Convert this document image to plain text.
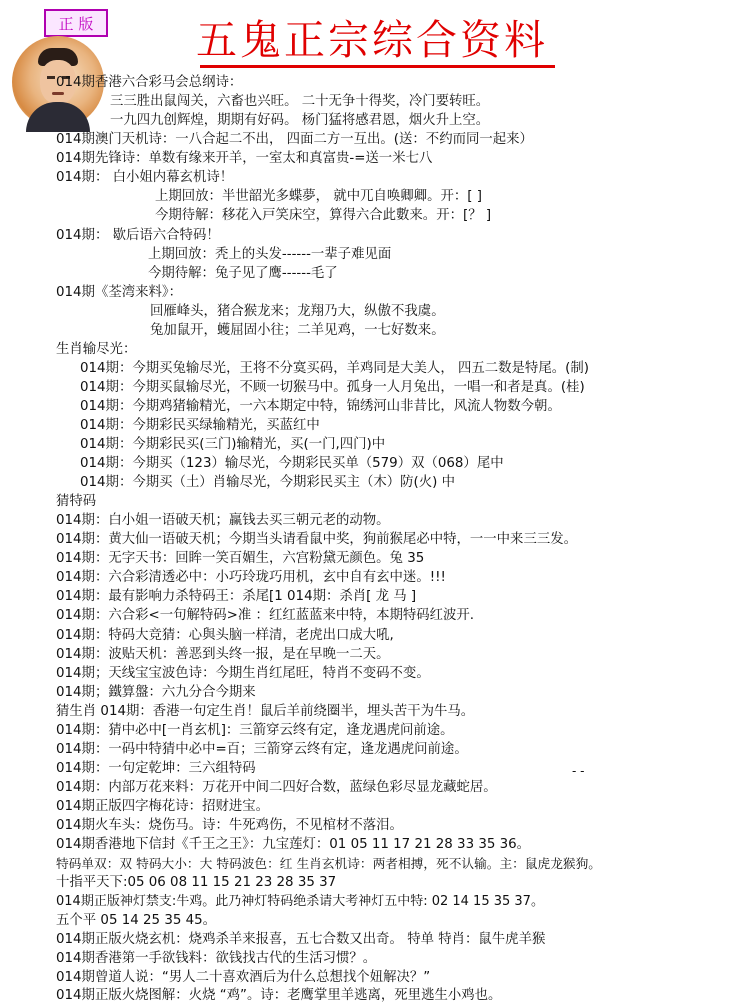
正 版	五鬼正宗综合资料
- -
014期香港六合彩马会总纲诗：
三三胜出鼠闯关，六畜也兴旺。 二十无争十得奖，冷门要转旺。
一九四九创辉煌，期期有好码。 杨门猛将感君恩，烟火升上空。
014期澳门天机诗：一八合起二不出， 四面二方一互出。(送：不约而同一起来）
014期先锋诗：单数有缘来开羊，一室太和真富贵-=送一米七八
014期： 白小姐内幕玄机诗！
上期回放：半世韶光多蝶夢， 就中兀自唤卿卿。开：[ ]
今期待解：移花入戸笑床空，算得六合此數来。开：[？ ]
014期： 歇后语六合特码！
上期回放：秃上的头发------一辈子难见面
今期待解：兔子见了鹰------毛了
014期《荃湾来料》：
回雁峰头，猪合猴龙来；龙翔乃大，纵傲不我虞。
兔加鼠开，蠖屈固小往；二羊见鸡，一七好数来。
生肖输尽光：
014期：今期买兔输尽光，王将不分寞买码，羊鸡同是大美人， 四五二数是特尾。(制)
014期：今期买鼠输尽光，不顾一切猴马中。孤身一人月兔出，一唱一和者是真。(桂)
014期：今期鸡猪输精光，一六本期定中特，锦绣河山非昔比，风流人物数今朝。
014期：今期彩民买绿输精光，买蓝红中
014期：今期彩民买(三门)输精光，买(一门,四门)中
014期：今期买（123）输尽光，今期彩民买单（579）双（068）尾中
014期：今期买（土）肖输尽光，今期彩民买主（木）防(火) 中
猜特码
014期：白小姐一语破天机；赢钱去买三朝元老的动物。
014期：黄大仙一语破天机；今期当头请看鼠中奖，狗前猴尾必中特，一一中来三三发。
014期：无字天书：回眸一笑百媚生，六宫粉黛无颜色。兔 35
014期：六合彩清透必中：小巧玲珑巧用机，玄中自有玄中迷。!!!
014期：最有影响力杀特码王：杀尾[1 014期：杀肖[ 龙 马 ]
014期：六合彩<一句解特码>准 ：红红蓝蓝来中特，本期特码红波开.
014期：特码大竞猜：心與头脑一样清，老虎出口成大吼,
014期：波贴天机：善恶到头终一报，是在早晚一二天。
014期；天线宝宝波色诗：今期生肖红尾旺，特肖不变码不变。
014期；鐵算盤：六九分合今期来
猜生肖 014期：香港一句定生肖！鼠后羊前绕圈半，埋头苦干为牛马。
014期：猜中必中[一肖玄机]：三箭穿云终有定，逢龙遇虎问前途。
014期：一码中特猜中必中=百；三箭穿云终有定，逢龙遇虎问前途。
014期：一句定乾坤：三六组特码
014期：内部万花来料：万花开中间二四好合数，蓝绿色彩尽显龙藏蛇居。
014期正版四字梅花诗：招财进宝。
014期火车头：烧伤马。诗：牛死鸡伤，不见棺材不落泪。
014期香港地下信封《千王之王》：九宝莲灯：01 05 11 17 21 28 33 35 36。
特码单双：双 特码大小：大 特码波色：红 生肖玄机诗：两者相搏，死不认输。主：鼠虎龙猴狗。
十指平天下:05 06 08 11 15 21 23 28 35 37
014期正版神灯禁支:牛鸡。此乃神灯特码绝杀请大考神灯五中特: 02 14 15 35 37。
五个平 05 14 25 35 45。
014期正版火烧玄机：烧鸡杀羊来报喜，五七合数又出奇。 特单 特肖：鼠牛虎羊猴
014期香港第一手欲钱料：欲钱找古代的生活习惯？。
014期曾道人说：“男人二十喜欢酒后为什么总想找个妞解决？”
014期正版火烧图解：火烧 “鸡”。诗：老鹰掌里羊逃离，死里逃生小鸡也。
